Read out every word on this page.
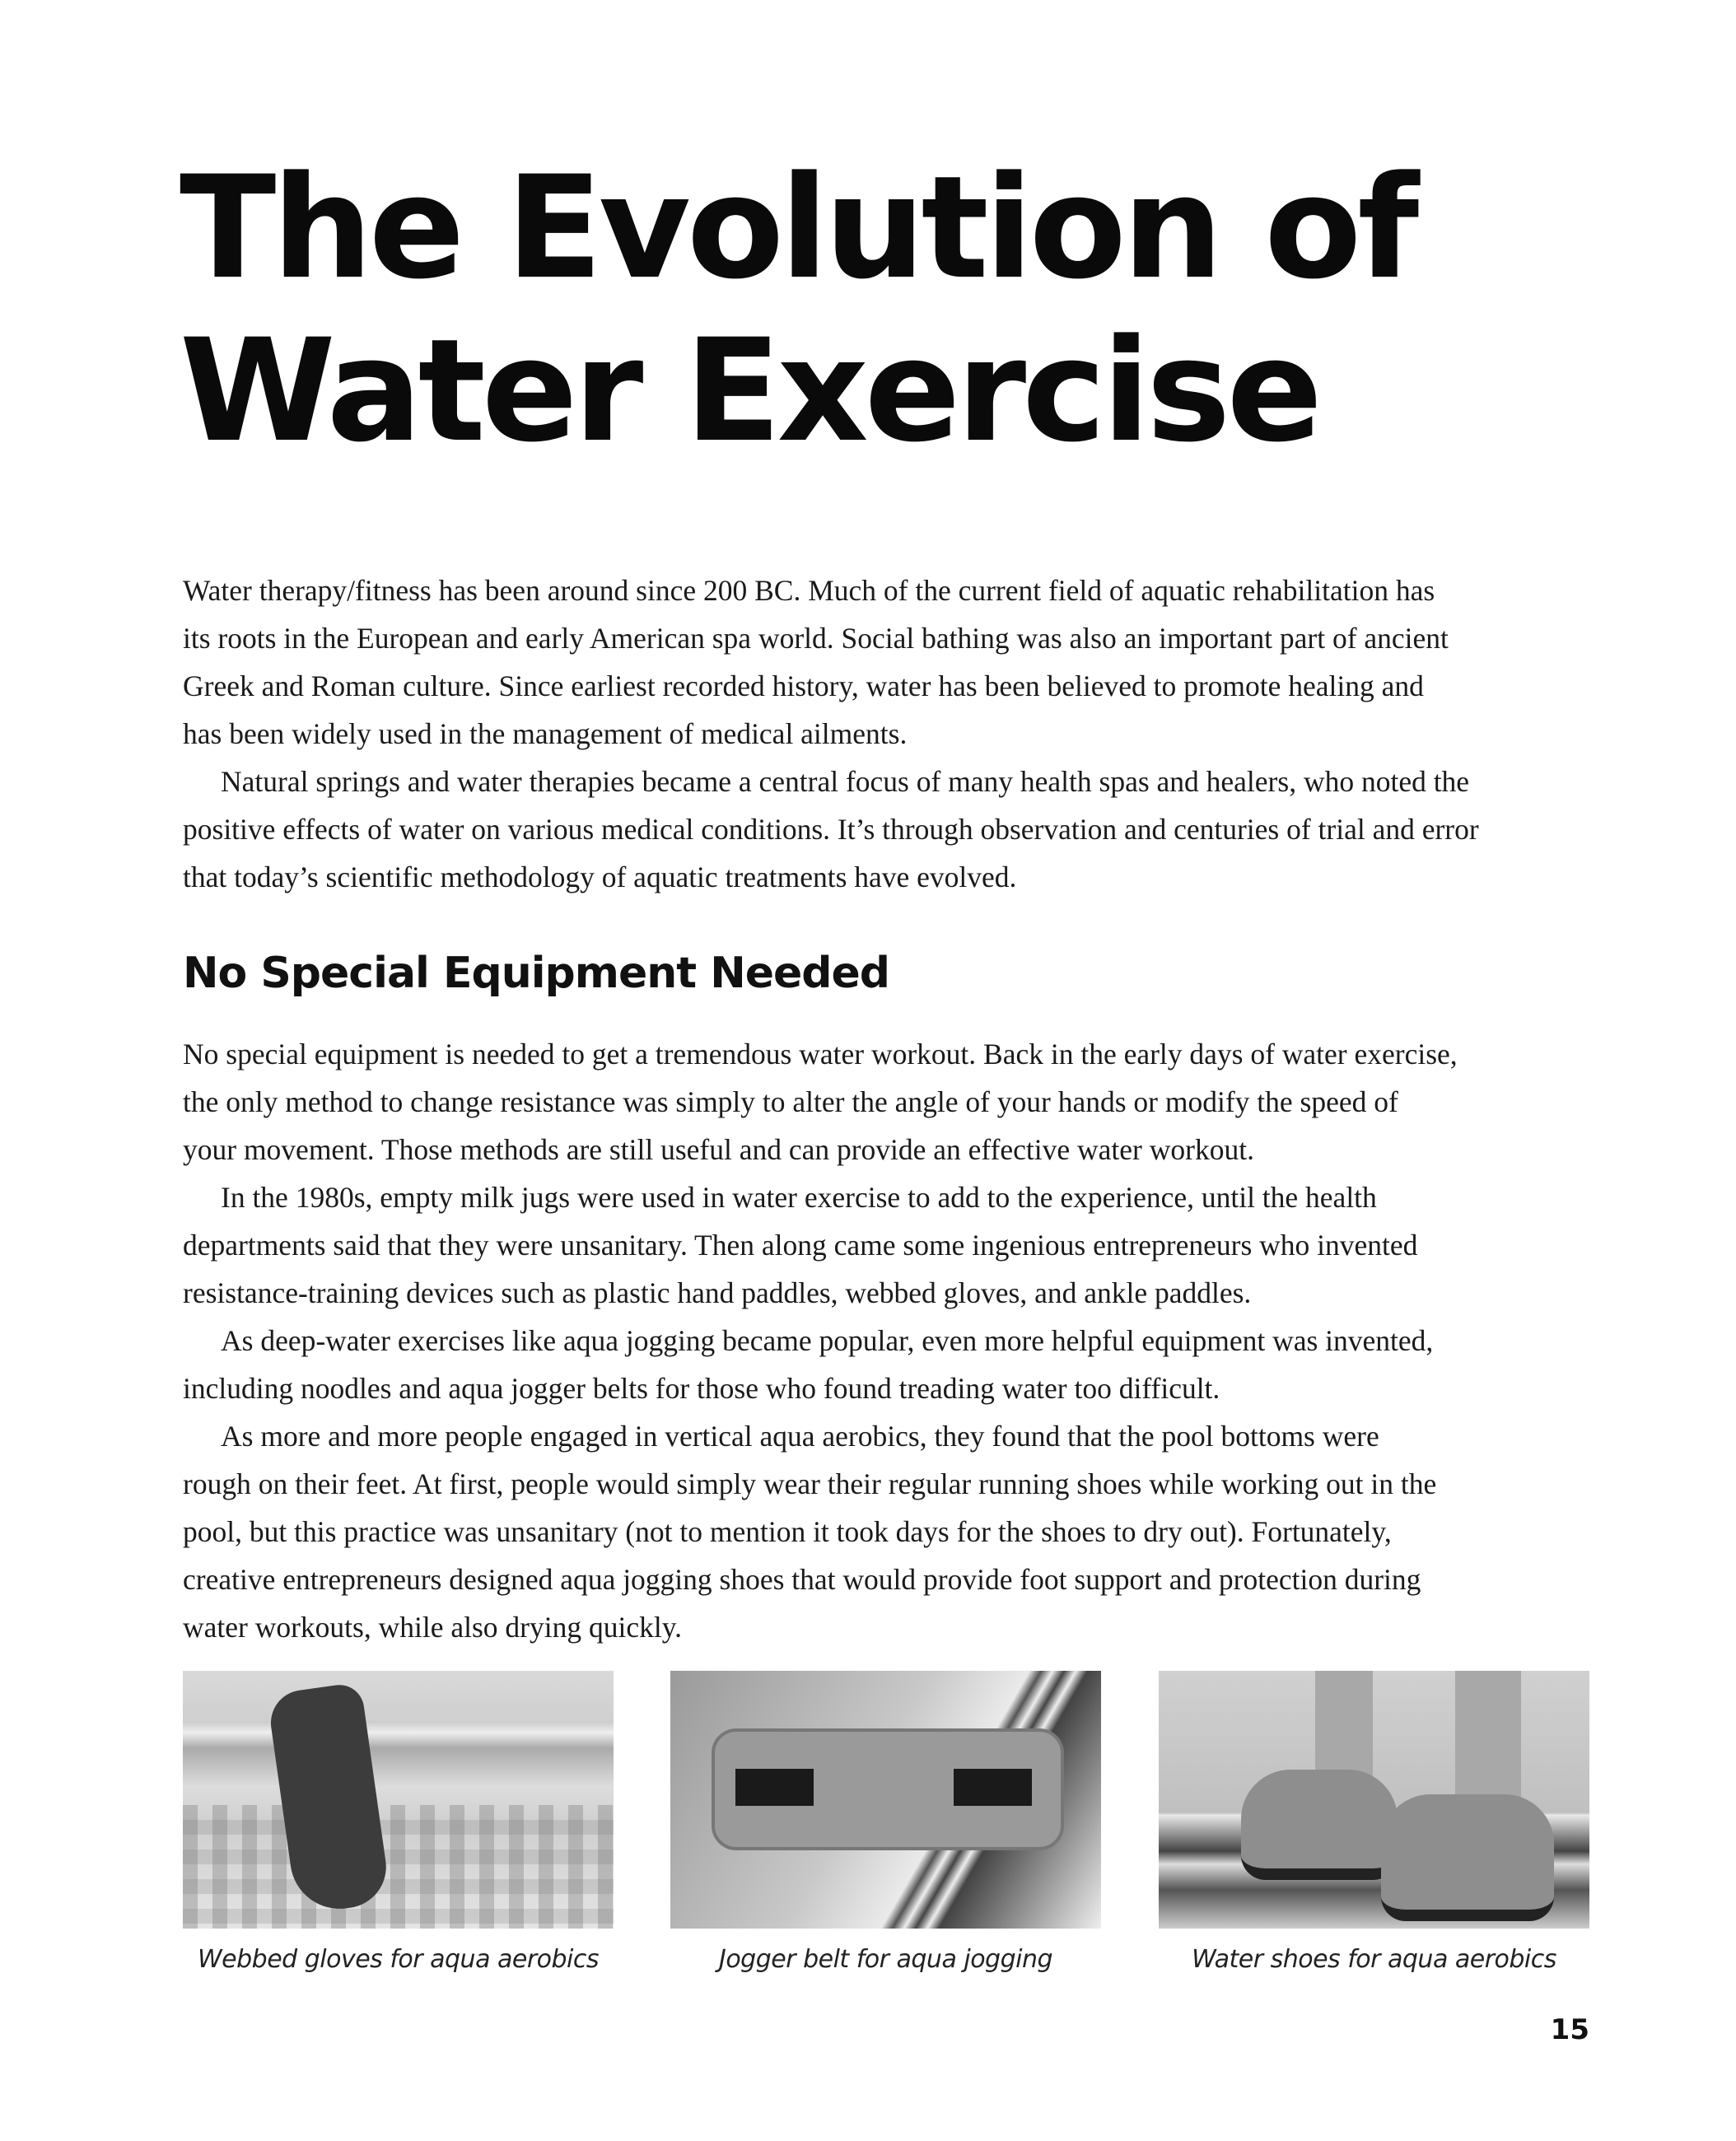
The Evolution of
Water Exercise
Water therapy/fitness has been around since 200 BC. Much of the current field of aquatic rehabilitation has
its roots in the European and early American spa world. Social bathing was also an important part of ancient
Greek and Roman culture. Since earliest recorded history, water has been believed to promote healing and
has been widely used in the management of medical ailments.
Natural springs and water therapies became a central focus of many health spas and healers, who noted the
positive effects of water on various medical conditions. It’s through observation and centuries of trial and error
that today’s scientific methodology of aquatic treatments have evolved.
No Special Equipment Needed
No special equipment is needed to get a tremendous water workout. Back in the early days of water exercise,
the only method to change resistance was simply to alter the angle of your hands or modify the speed of
your movement. Those methods are still useful and can provide an effective water workout.
In the 1980s, empty milk jugs were used in water exercise to add to the experience, until the health
departments said that they were unsanitary. Then along came some ingenious entrepreneurs who invented
resistance-training devices such as plastic hand paddles, webbed gloves, and ankle paddles.
As deep-water exercises like aqua jogging became popular, even more helpful equipment was invented,
including noodles and aqua jogger belts for those who found treading water too difficult.
As more and more people engaged in vertical aqua aerobics, they found that the pool bottoms were
rough on their feet. At first, people would simply wear their regular running shoes while working out in the
pool, but this practice was unsanitary (not to mention it took days for the shoes to dry out). Fortunately,
creative entrepreneurs designed aqua jogging shoes that would provide foot support and protection during
water workouts, while also drying quickly.
Webbed gloves for aqua aerobics	Jogger belt for aqua jogging	Water shoes for aqua aerobics
15
